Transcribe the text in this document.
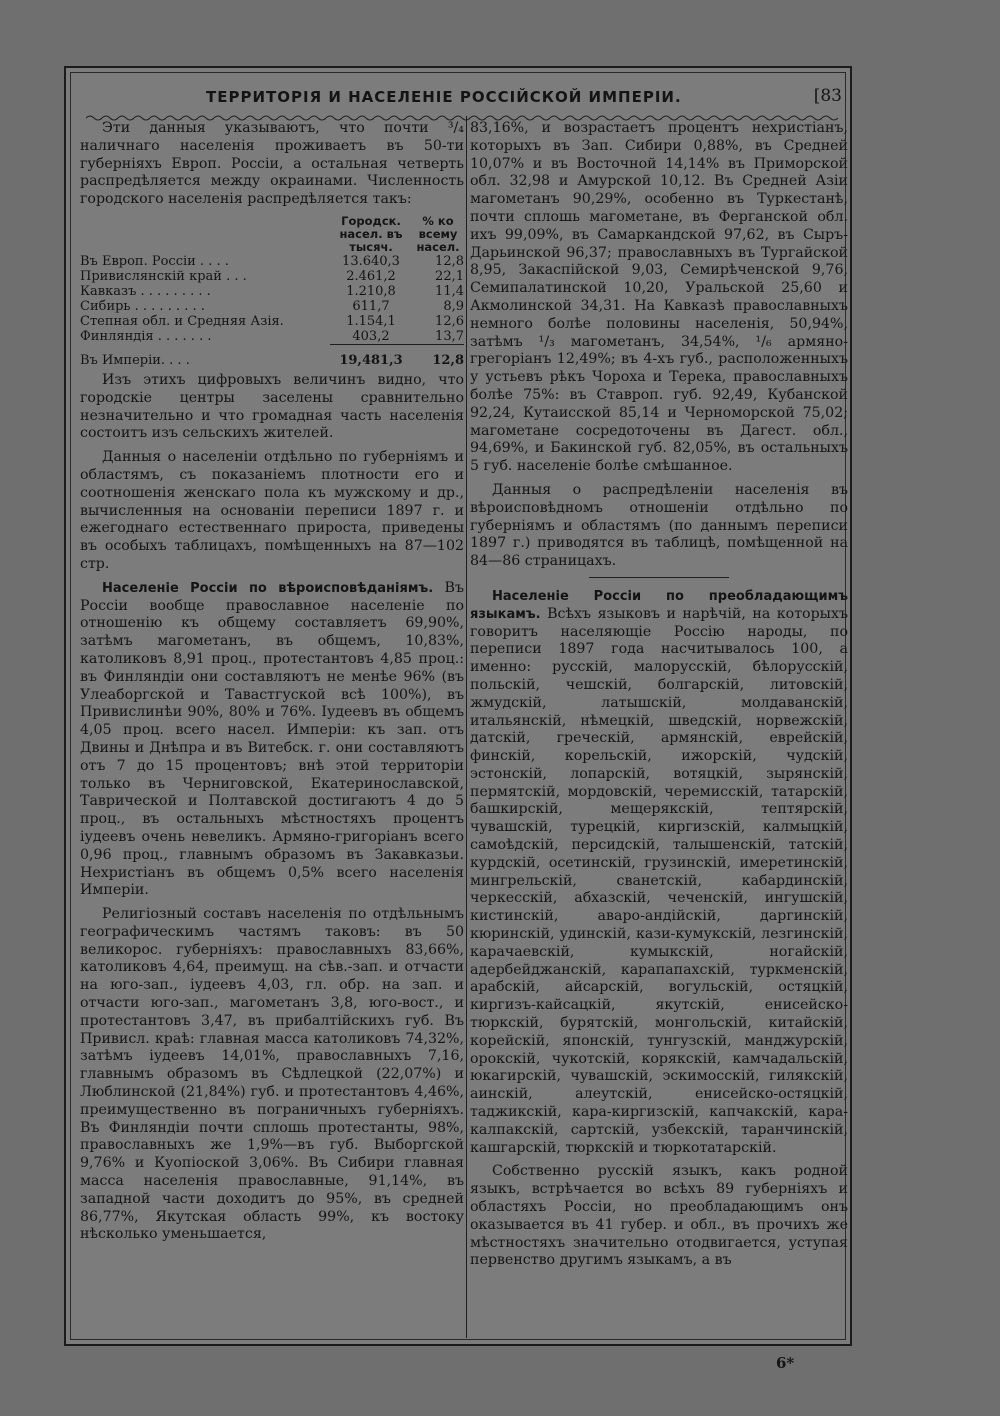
ТЕРРИТОРІЯ И НАСЕЛЕНІЕ РОССІЙСКОЙ ИМПЕРІИ.	[83

Эти данныя указываютъ, что почти ³/₄ наличнаго населенія проживаетъ въ 50-ти губерніяхъ Европ. Россіи, а остальная четверть распредѣляется между окраинами. Численность городского населенія распредѣляется такъ:

	Городск. насел. въ тысяч.	% ко всему насел.
Въ Европ. Россіи . . . .	13.640,3	12,8
Привислянскій край . . .	2.461,2	22,1
Кавказъ . . . . . . . . .	1.210,8	11,4
Сибирь . . . . . . . . .	611,7	8,9
Степная обл. и Средняя Азія.	1.154,1	12,6
Финляндія . . . . . . .	403,2	13,7
Въ Имперіи. . . .	19,481,3	12,8

Изъ этихъ цифровыхъ величинъ видно, что городскіе центры заселены сравнительно незначительно и что громадная часть населенія состоитъ изъ сельскихъ жителей.

Данныя о населеніи отдѣльно по губерніямъ и областямъ, съ показаніемъ плотности его и соотношенія женскаго пола къ мужскому и др., вычисленныя на основаніи переписи 1897 г. и ежегоднаго естественнаго прироста, приведены въ особыхъ таблицахъ, помѣщенныхъ на 87—102 стр.

Населеніе Россіи по вѣроисповѣданіямъ. Въ Россіи вообще православное населеніе по отношенію къ общему составляетъ 69,90%, затѣмъ магометанъ, въ общемъ, 10,83%, католиковъ 8,91 проц., протестантовъ 4,85 проц.: въ Финляндіи они составляютъ не менѣе 96% (въ Улеаборгской и Тавастгуской всѣ 100%), въ Привислинѣи 90%, 80% и 76%. Іудеевъ въ общемъ 4,05 проц. всего насел. Имперіи: къ зап. отъ Двины и Днѣпра и въ Витебск. г. они составляютъ отъ 7 до 15 процентовъ; внѣ этой территоріи только въ Черниговской, Екатеринославской, Таврической и Полтавской достигаютъ 4 до 5 проц., въ остальныхъ мѣстностяхъ процентъ іудеевъ очень невеликъ. Армяно-григоріанъ всего 0,96 проц., главнымъ образомъ въ Закавказьи. Нехристіанъ въ общемъ 0,5% всего населенія Имперіи.

Религіозный составъ населенія по отдѣльнымъ географическимъ частямъ таковъ: въ 50 великорос. губерніяхъ: православныхъ 83,66%, католиковъ 4,64, преимущ. на сѣв.-зап. и отчасти на юго-зап., іудеевъ 4,03, гл. обр. на зап. и отчасти юго-зап., магометанъ 3,8, юго-вост., и протестантовъ 3,47, въ прибалтійскихъ губ. Въ Привисл. краѣ: главная масса католиковъ 74,32%, затѣмъ іудеевъ 14,01%, православныхъ 7,16, главнымъ образомъ въ Сѣдлецкой (22,07%) и Люблинской (21,84%) губ. и протестантовъ 4,46%, преимущественно въ пограничныхъ губерніяхъ. Въ Финляндіи почти сплошь протестанты, 98%, православныхъ же 1,9%—въ губ. Выборгской 9,76% и Куопіоской 3,06%. Въ Сибири главная масса населенія православные, 91,14%, въ западной части доходитъ до 95%, въ средней 86,77%, Якутская область 99%, къ востоку нѣсколько уменьшается,

83,16%, и возрастаетъ процентъ нехристіанъ, которыхъ въ Зап. Сибири 0,88%, въ Средней 10,07% и въ Восточной 14,14% въ Приморской обл. 32,98 и Амурской 10,12. Въ Средней Азіи магометанъ 90,29%, особенно въ Туркестанѣ, почти сплошь магометане, въ Ферганской обл. ихъ 99,09%, въ Самаркандской 97,62, въ Сыръ-Дарьинской 96,37; православныхъ въ Тургайской 8,95, Закаспійской 9,03, Семирѣченской 9,76, Семипалатинской 10,20, Уральской 25,60 и Акмолинской 34,31. На Кавказѣ православныхъ немного болѣе половины населенія, 50,94%, затѣмъ ¹/₃ магометанъ, 34,54%, ¹/₆ армяно-грегоріанъ 12,49%; въ 4-хъ губ., расположенныхъ у устьевъ рѣкъ Чороха и Терека, православныхъ болѣе 75%: въ Ставроп. губ. 92,49, Кубанской 92,24, Кутаисской 85,14 и Черноморской 75,02; магометане сосредоточены въ Дагест. обл., 94,69%, и Бакинской губ. 82,05%, въ остальныхъ 5 губ. населеніе болѣе смѣшанное.

Данныя о распредѣленіи населенія въ вѣроисповѣдномъ отношеніи отдѣльно по губерніямъ и областямъ (по даннымъ переписи 1897 г.) приводятся въ таблицѣ, помѣщенной на 84—86 страницахъ.

Населеніе Россіи по преобладающимъ языкамъ. Всѣхъ языковъ и нарѣчій, на которыхъ говоритъ населяющіе Россію народы, по переписи 1897 года насчитывалось 100, а именно: русскій, малорусскій, бѣлорусскій, польскій, чешскій, болгарскій, литовскій, жмудскій, латышскій, молдаванскій, итальянскій, нѣмецкій, шведскій, норвежскій, датскій, греческій, армянскій, еврейскій, финскій, корельскій, ижорскій, чудскій, эстонскій, лопарскій, вотяцкій, зырянскій, пермятскій, мордовскій, черемисскій, татарскій, башкирскій, мещерякскій, тептярскій, чувашскій, турецкій, киргизскій, калмыцкій, самоѣдскій, персидскій, талышенскій, татскій, курдскій, осетинскій, грузинскій, имеретинскій, мингрельскій, сванетскій, кабардинскій, черкесскій, абхазскій, чеченскій, ингушскій, кистинскій, аваро-андійскій, даргинскій, кюринскій, удинскій, кази-кумукскій, лезгинскій, карачаевскій, кумыкскій, ногайскій, адербейджанскій, карапапахскій, туркменскій, арабскій, айсарскій, вогульскій, остяцкій, киргизъ-кайсацкій, якутскій, енисейско-тюркскій, бурятскій, монгольскій, китайскій, корейскій, японскій, тунгузскій, манджурскій, орокскій, чукотскій, корякскій, камчадальскій, юкагирскій, чувашскій, эскимосскій, гилякскій, аинскій, алеутскій, енисейско-остяцкій, таджикскій, кара-киргизскій, капчакскій, кара-калпакскій, сартскій, узбекскій, таранчинскій, кашгарскій, тюркскій и тюркотатарскій.

Собственно русскій языкъ, какъ родной языкъ, встрѣчается во всѣхъ 89 губерніяхъ и областяхъ Россіи, но преобладающимъ онъ оказывается въ 41 губер. и обл., въ прочихъ же мѣстностяхъ значительно отодвигается, уступая первенство другимъ языкамъ, а въ

6*
